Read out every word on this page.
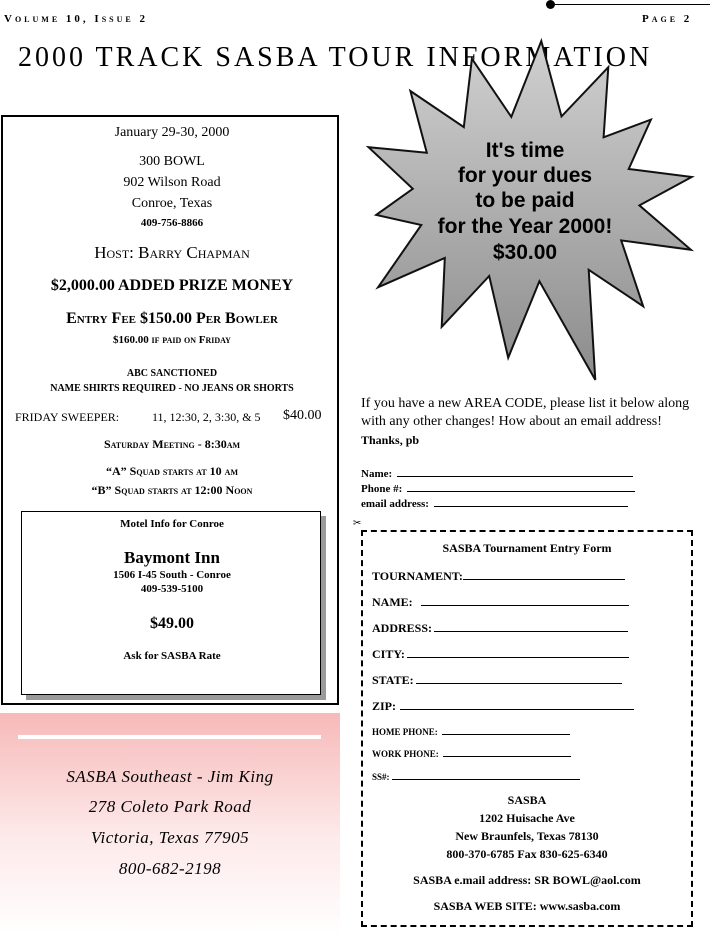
Volume 10, Issue 2	Page 2
2000 TRACK SASBA TOUR INFORMATION
January 29-30, 2000
300 BOWL
902 Wilson Road
Conroe, Texas
409-756-8866
Host: Barry Chapman
$2,000.00 ADDED PRIZE MONEY
Entry Fee $150.00 Per Bowler
$160.00 if paid on Friday
ABC SANCTIONED
NAME SHIRTS REQUIRED - NO JEANS OR SHORTS
FRIDAY SWEEPER:	11, 12:30, 2, 3:30, & 5 $40.00
Saturday Meeting - 8:30am
“A” Squad starts at 10 am
“B” Squad starts at 12:00 Noon
Motel Info for Conroe
Baymont Inn
1506 I-45 South - Conroe
409-539-5100
$49.00
Ask for SASBA Rate
SASBA Southeast - Jim King
278 Coleto Park Road
Victoria, Texas 77905
800-682-2198
It's time
for your dues
to be paid
for the Year 2000!
$30.00
If you have a new AREA CODE, please list it below along with any other changes! How about an email address! Thanks, pb
Name:
Phone #:
email address:
✂
SASBA Tournament Entry Form
TOURNAMENT:
NAME:
ADDRESS:
CITY:
STATE:
ZIP:
HOME PHONE:
WORK PHONE:
SS#:
SASBA
1202 Huisache Ave
New Braunfels, Texas 78130
800-370-6785 Fax 830-625-6340
SASBA e.mail address: SR BOWL@aol.com
SASBA WEB SITE: www.sasba.com
